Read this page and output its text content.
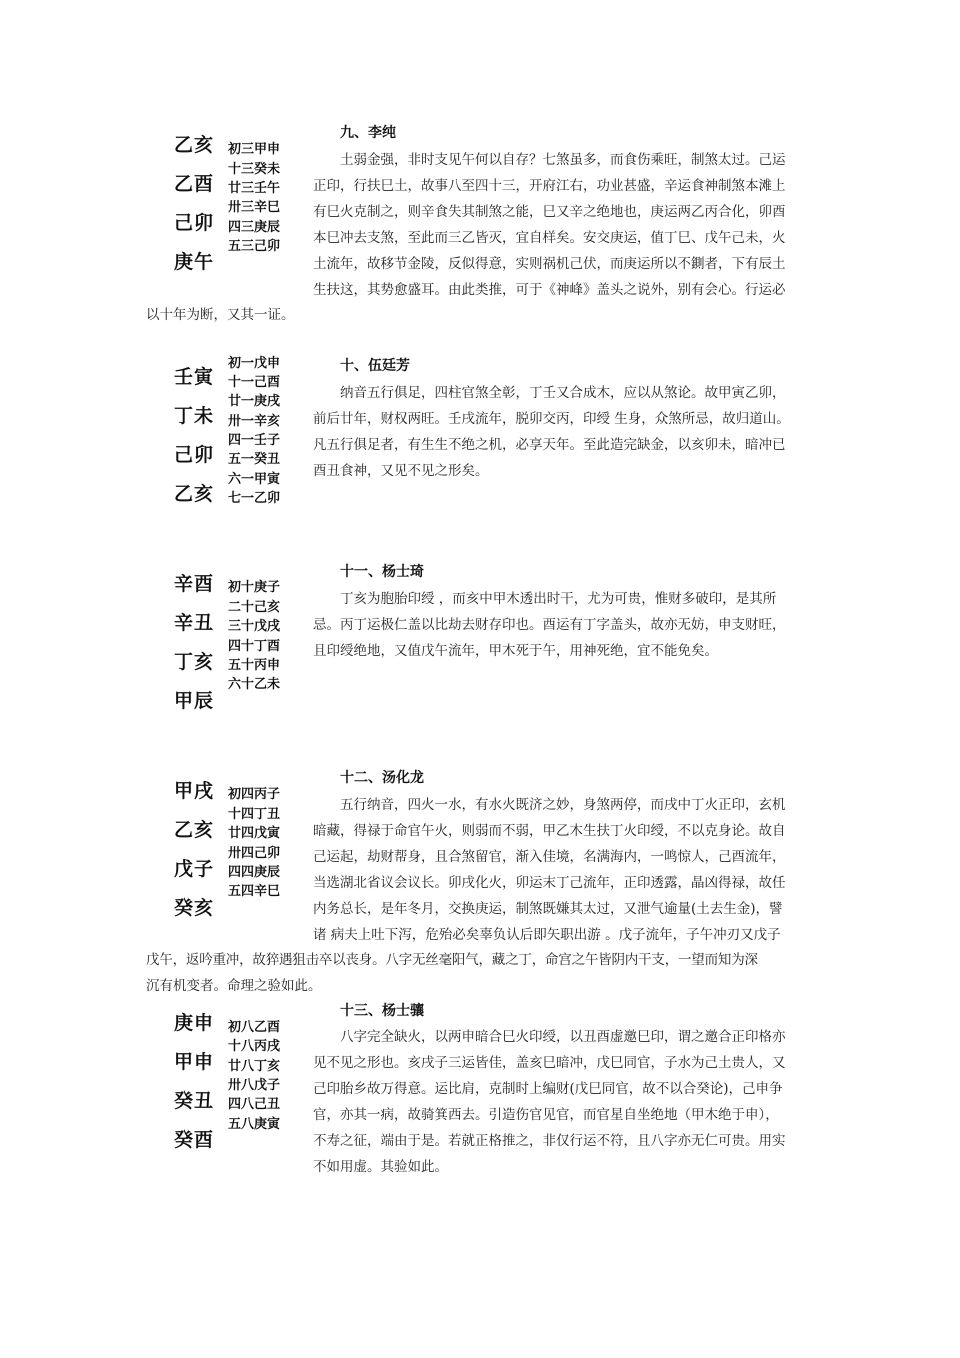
九、李纯
乙亥
乙酉
己卯
庚午
初三甲申
十三癸未
廿三壬午
卅三辛巳
四三庚辰
五三己卯
土弱金强，非时支见午何以自存？七煞虽多，而食伤乘旺，制煞太过。己运
正印，行扶巳土，故事八至四十三，开府江右，功业甚盛，辛运食神制煞本滩上
有巳火克制之，则辛食失其制煞之能，巳又辛之绝地也，庚运两乙丙合化，卯酉
本巳冲去支煞，至此而三乙皆灭，宜自样矣。安交庚运，值丁巳、戊午己未，火
土流年，故移节金陵，反似得意，实则祸机己伏，而庚运所以不鍘者，下有辰土
生扶这，其势愈盛耳。由此类推，可于《神峰》盖头之说外，别有会心。行运必
以十年为断，又其一证。
十、伍廷芳
壬寅
丁未
己卯
乙亥
初一戊申
十一己酉
廿一庚戌
卅一辛亥
四一壬子
五一癸丑
六一甲寅
七一乙卯
纳音五行俱足，四柱官煞全彰，丁壬又合成木，应以从煞论。故甲寅乙卯，
前后廿年，财权两旺。壬戌流年，脱卯交丙，印绶 生身，众煞所忌，故归道山。
凡五行俱足者，有生生不绝之机，必享天年。至此造完缺金，以亥卯未，暗冲已
酉丑食神，又见不见之形矣。
十一、杨士琦
辛酉
辛丑
丁亥
甲辰
初十庚子
二十己亥
三十戊戌
四十丁酉
五十丙申
六十乙未
丁亥为胞胎印绶 ，而亥中甲木透出时干，尤为可贵，惟财多破印，是其所
忌。丙丁运极仁盖以比劫去财存印也。酉运有丁字盖头，故亦无妨，申支财旺，
且印绶绝地，又值戊午流年，甲木死于午，用神死绝，宜不能免矣。
十二、汤化龙
甲戌
乙亥
戊子
癸亥
初四丙子
十四丁丑
廿四戊寅
卅四己卯
四四庚辰
五四辛巳
五行纳音，四火一水，有水火既济之妙，身煞两停，而戌中丁火正印，玄机
暗藏，得禄于命官午火，则弱而不弱，甲乙木生扶丁火印绶，不以克身论。故自
己运起，劫财帮身，且合煞留官，渐入佳境，名满海内，一鸣惊人，己酉流年，
当选湖北省议会议长。卯戌化火，卯运末丁己流年，正印透露，晶凶得禄，故任
内务总长，是年冬月，交换庚运，制煞既嫌其太过，又泄气逾量(土去生金)，譬
诸 病夫上吐下泻，危殆必矣辜负认后即矢职出游 。戊子流年，子午冲刃又戊子
戊午，返吟重冲，故猝遇狙击卒以丧身。八字无丝毫阳气，藏之丁，命宫之午皆阴内干支，一望而知为深
沉有机变者。命理之验如此。
十三、杨士骧
庚申
甲申
癸丑
癸酉
初八乙酉
十八丙戌
廿八丁亥
卅八戊子
四八己丑
五八庚寅
八字完全缺火，以两申暗合巳火印绶，以丑酉虚邀巳印，谓之邀合正印格亦
见不见之形也。亥戌子三运皆佳，盖亥巳暗冲，戊巳同官，子水为己土贵人，又
己印胎乡故万得意。运比肩，克制时上编财(戊巳同官，故不以合癸论)，己申争
官，亦其一病，故骑箕西去。引造伤官见官，而官星自坐绝地（甲木绝于申），
不寿之征，端由于是。若就正格推之，非仅行运不符，且八字亦无仁可贵。用实
不如用虚。其验如此。
